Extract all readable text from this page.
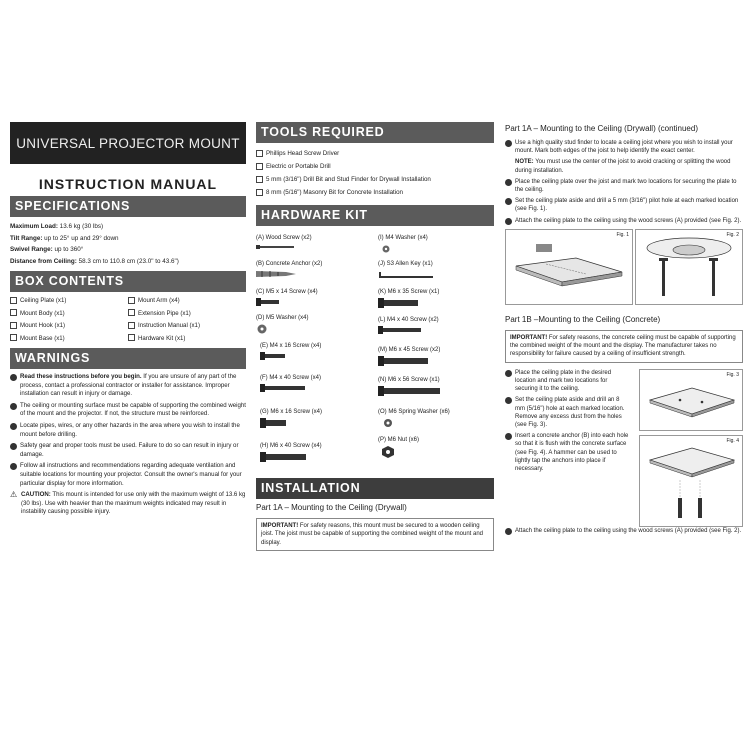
UNIVERSAL PROJECTOR MOUNT
INSTRUCTION MANUAL
SPECIFICATIONS
Maximum Load: 13.6 kg (30 lbs)
Tilt Range: up to 25° up and 29° down
Swivel Range: up to 360°
Distance from Ceiling: 58.3 cm to 110.8 cm (23.0" to 43.6")
BOX CONTENTS
Ceiling Plate (x1)	Mount Arm (x4)
Mount Body (x1)	Extension Pipe (x1)
Mount Hook (x1)	Instruction Manual (x1)
Mount Base (x1)	Hardware Kit (x1)
WARNINGS
Read these instructions before you begin. If you are unsure of any part of the process, contact a professional contractor or installer for assistance. Improper installation can result in injury or damage.
The ceiling or mounting surface must be capable of supporting the combined weight of the mount and the projector. If not, the structure must be reinforced.
Locate pipes, wires, or any other hazards in the area where you wish to install the mount before drilling.
Safety gear and proper tools must be used. Failure to do so can result in injury or damage.
Follow all instructions and recommendations regarding adequate ventilation and suitable locations for mounting your projector. Consult the owner's manual for your particular display for more information.
⚠ CAUTION: This mount is intended for use only with the maximum weight of 13.6 kg (30 lbs). Use with heavier than the maximum weights indicated may result in instability causing possible injury.
TOOLS REQUIRED
Phillips Head Screw Driver
Electric or Portable Drill
5 mm (3/16") Drill Bit and Stud Finder for Drywall Installation
8 mm (5/16") Masonry Bit for Concrete Installation
HARDWARE KIT
(A) Wood Screw (x2)
(B) Concrete Anchor (x2)
(C) M5 x 14 Screw (x4)
(D) M5 Washer (x4)
(E) M4 x 16 Screw (x4)
(F) M4 x 40 Screw (x4)
(G) M6 x 16 Screw (x4)
(H) M6 x 40 Screw (x4)
(I) M4 Washer (x4)
(J) S3 Allen Key (x1)
(K) M6 x 35 Screw (x1)
(L) M4 x 40 Screw (x2)
(M) M6 x 45 Screw (x2)
(N) M6 x 56 Screw (x1)
(O) M6 Spring Washer (x6)
(P) M6 Nut (x6)
INSTALLATION
Part 1A – Mounting to the Ceiling (Drywall)
IMPORTANT! For safety reasons, this mount must be secured to a wooden ceiling joist. The joist must be capable of supporting the combined weight of the mount and display.
Part 1A – Mounting to the Ceiling (Drywall) (continued)
Use a high quality stud finder to locate a ceiling joist where you wish to install your mount. Mark both edges of the joist to help identify the exact center.
NOTE: You must use the center of the joist to avoid cracking or splitting the wood during installation.
Place the ceiling plate over the joist and mark two locations for securing the plate to the ceiling.
Set the ceiling plate aside and drill a 5 mm (3/16") pilot hole at each marked location (see Fig. 1).
Attach the ceiling plate to the ceiling using the wood screws (A) provided (see Fig. 2).
Fig. 1	Fig. 2
Part 1B –Mounting to the Ceiling (Concrete)
IMPORTANT! For safety reasons, the concrete ceiling must be capable of supporting the combined weight of the mount and the display. The manufacturer takes no responsibility for failure caused by a ceiling of insufficient strength.
Place the ceiling plate in the desired location and mark two locations for securing it to the ceiling.
Set the ceiling plate aside and drill an 8 mm (5/16") hole at each marked location. Remove any excess dust from the holes (see Fig. 3).
Insert a concrete anchor (B) into each hole so that it is flush with the concrete surface (see Fig. 4). A hammer can be used to lightly tap the anchors into place if necessary.
Fig. 3
Fig. 4
Attach the ceiling plate to the ceiling using the wood screws (A) provided (see Fig. 2).
